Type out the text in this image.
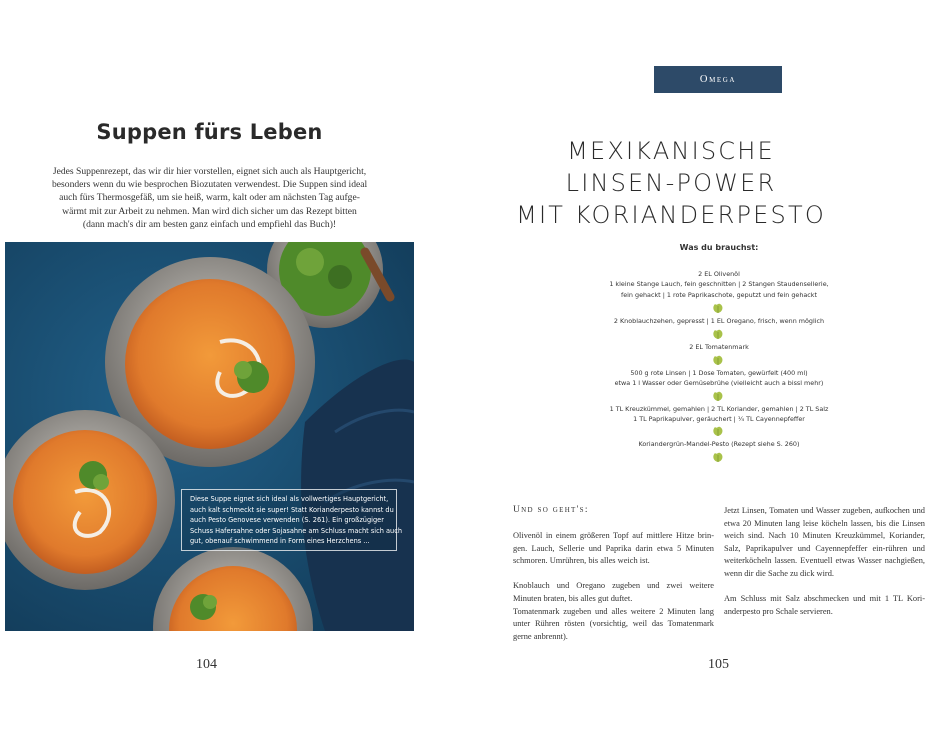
Suppen fürs Leben
Jedes Suppenrezept, das wir dir hier vorstellen, eignet sich auch als Hauptgericht,
besonders wenn du wie besprochen Biozutaten verwendest. Die Suppen sind ideal
auch fürs Thermosgefäß, um sie heiß, warm, kalt oder am nächsten Tag aufge-
wärmt mit zur Arbeit zu nehmen. Man wird dich sicher um das Rezept bitten
(dann mach's dir am besten ganz einfach und empfiehl das Buch)!
Diese Suppe eignet sich ideal als vollwertiges Hauptgericht,
auch kalt schmeckt sie super! Statt Korianderpesto kannst du
auch Pesto Genovese verwenden (S. 261). Ein großzügiger
Schuss Hafersahne oder Sojasahne am Schluss macht sich auch
gut, obenauf schwimmend in Form eines Herzchens ...
104
Omega
MEXIKANISCHE
LINSEN-POWER
MIT KORIANDERPESTO
Was du brauchst:
2 EL Olivenöl
1 kleine Stange Lauch, fein geschnitten | 2 Stangen Staudensellerie,
fein gehackt | 1 rote Paprikaschote, geputzt und fein gehackt
2 Knoblauchzehen, gepresst | 1 EL Oregano, frisch, wenn möglich
2 EL Tomatenmark
500 g rote Linsen | 1 Dose Tomaten, gewürfelt (400 ml)
etwa 1 l Wasser oder Gemüsebrühe (vielleicht auch a bissl mehr)
1 TL Kreuzkümmel, gemahlen | 2 TL Koriander, gemahlen | 2 TL Salz
1 TL Paprikapulver, geräuchert | ¼ TL Cayennepfeffer
Koriandergrün-Mandel-Pesto (Rezept siehe S. 260)
Und so geht's:

Olivenöl in einem größeren Topf auf mittlere Hitze brin-gen. Lauch, Sellerie und Paprika darin etwa 5 Minuten schmoren. Umrühren, bis alles weich ist.

Knoblauch und Oregano zugeben und zwei weitere Minuten braten, bis alles gut duftet.

Tomatenmark zugeben und alles weitere 2 Minuten lang unter Rühren rösten (vorsichtig, weil das Tomatenmark gerne anbrennt).

Jetzt Linsen, Tomaten und Wasser zugeben, aufkochen und etwa 20 Minuten lang leise köcheln lassen, bis die Linsen weich sind. Nach 10 Minuten Kreuzkümmel, Koriander, Salz, Paprikapulver und Cayennepfeffer ein-rühren und weiterköcheln lassen. Eventuell etwas Wasser nachgießen, wenn dir die Sache zu dick wird.

Am Schluss mit Salz abschmecken und mit 1 TL Kori-anderpesto pro Schale servieren.

105
